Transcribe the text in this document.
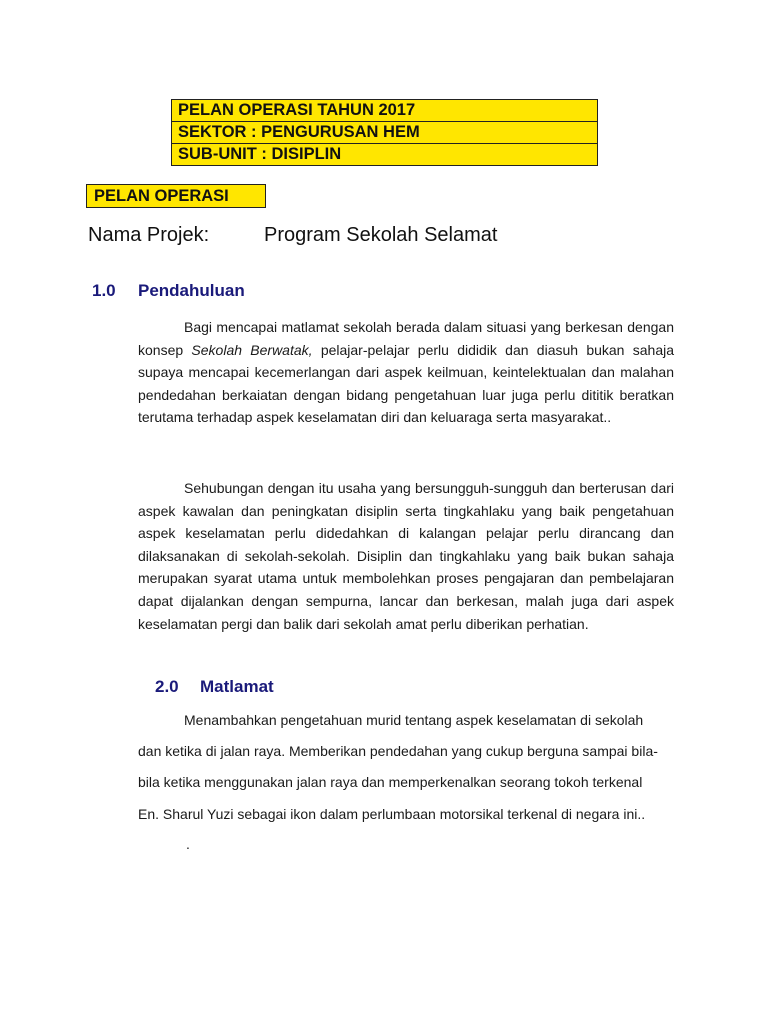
PELAN OPERASI TAHUN 2017
SEKTOR : PENGURUSAN HEM
SUB-UNIT : DISIPLIN
PELAN OPERASI
Nama Projek:	Program Sekolah Selamat
1.0 Pendahuluan
Bagi mencapai matlamat sekolah berada dalam situasi yang berkesan dengan konsep Sekolah Berwatak, pelajar-pelajar perlu dididik dan diasuh bukan sahaja supaya mencapai kecemerlangan dari aspek keilmuan, keintelektualan dan malahan pendedahan berkaiatan dengan bidang pengetahuan luar juga perlu dititik beratkan terutama terhadap aspek keselamatan diri dan keluaraga serta masyarakat..
Sehubungan dengan itu usaha yang bersungguh-sungguh dan berterusan dari aspek kawalan dan peningkatan disiplin serta tingkahlaku yang baik pengetahuan aspek keselamatan perlu didedahkan di kalangan pelajar perlu dirancang dan dilaksanakan di sekolah-sekolah. Disiplin dan tingkahlaku yang baik bukan sahaja merupakan syarat utama untuk membolehkan proses pengajaran dan pembelajaran dapat dijalankan dengan sempurna, lancar dan berkesan, malah juga dari aspek keselamatan pergi dan balik dari sekolah amat perlu diberikan perhatian.
2.0 Matlamat
Menambahkan pengetahuan murid tentang aspek keselamatan di sekolah
dan ketika di jalan raya. Memberikan pendedahan yang cukup berguna sampai bila-
bila ketika menggunakan jalan raya dan memperkenalkan seorang tokoh terkenal
En. Sharul Yuzi sebagai ikon dalam perlumbaan motorsikal terkenal di negara ini..
.
